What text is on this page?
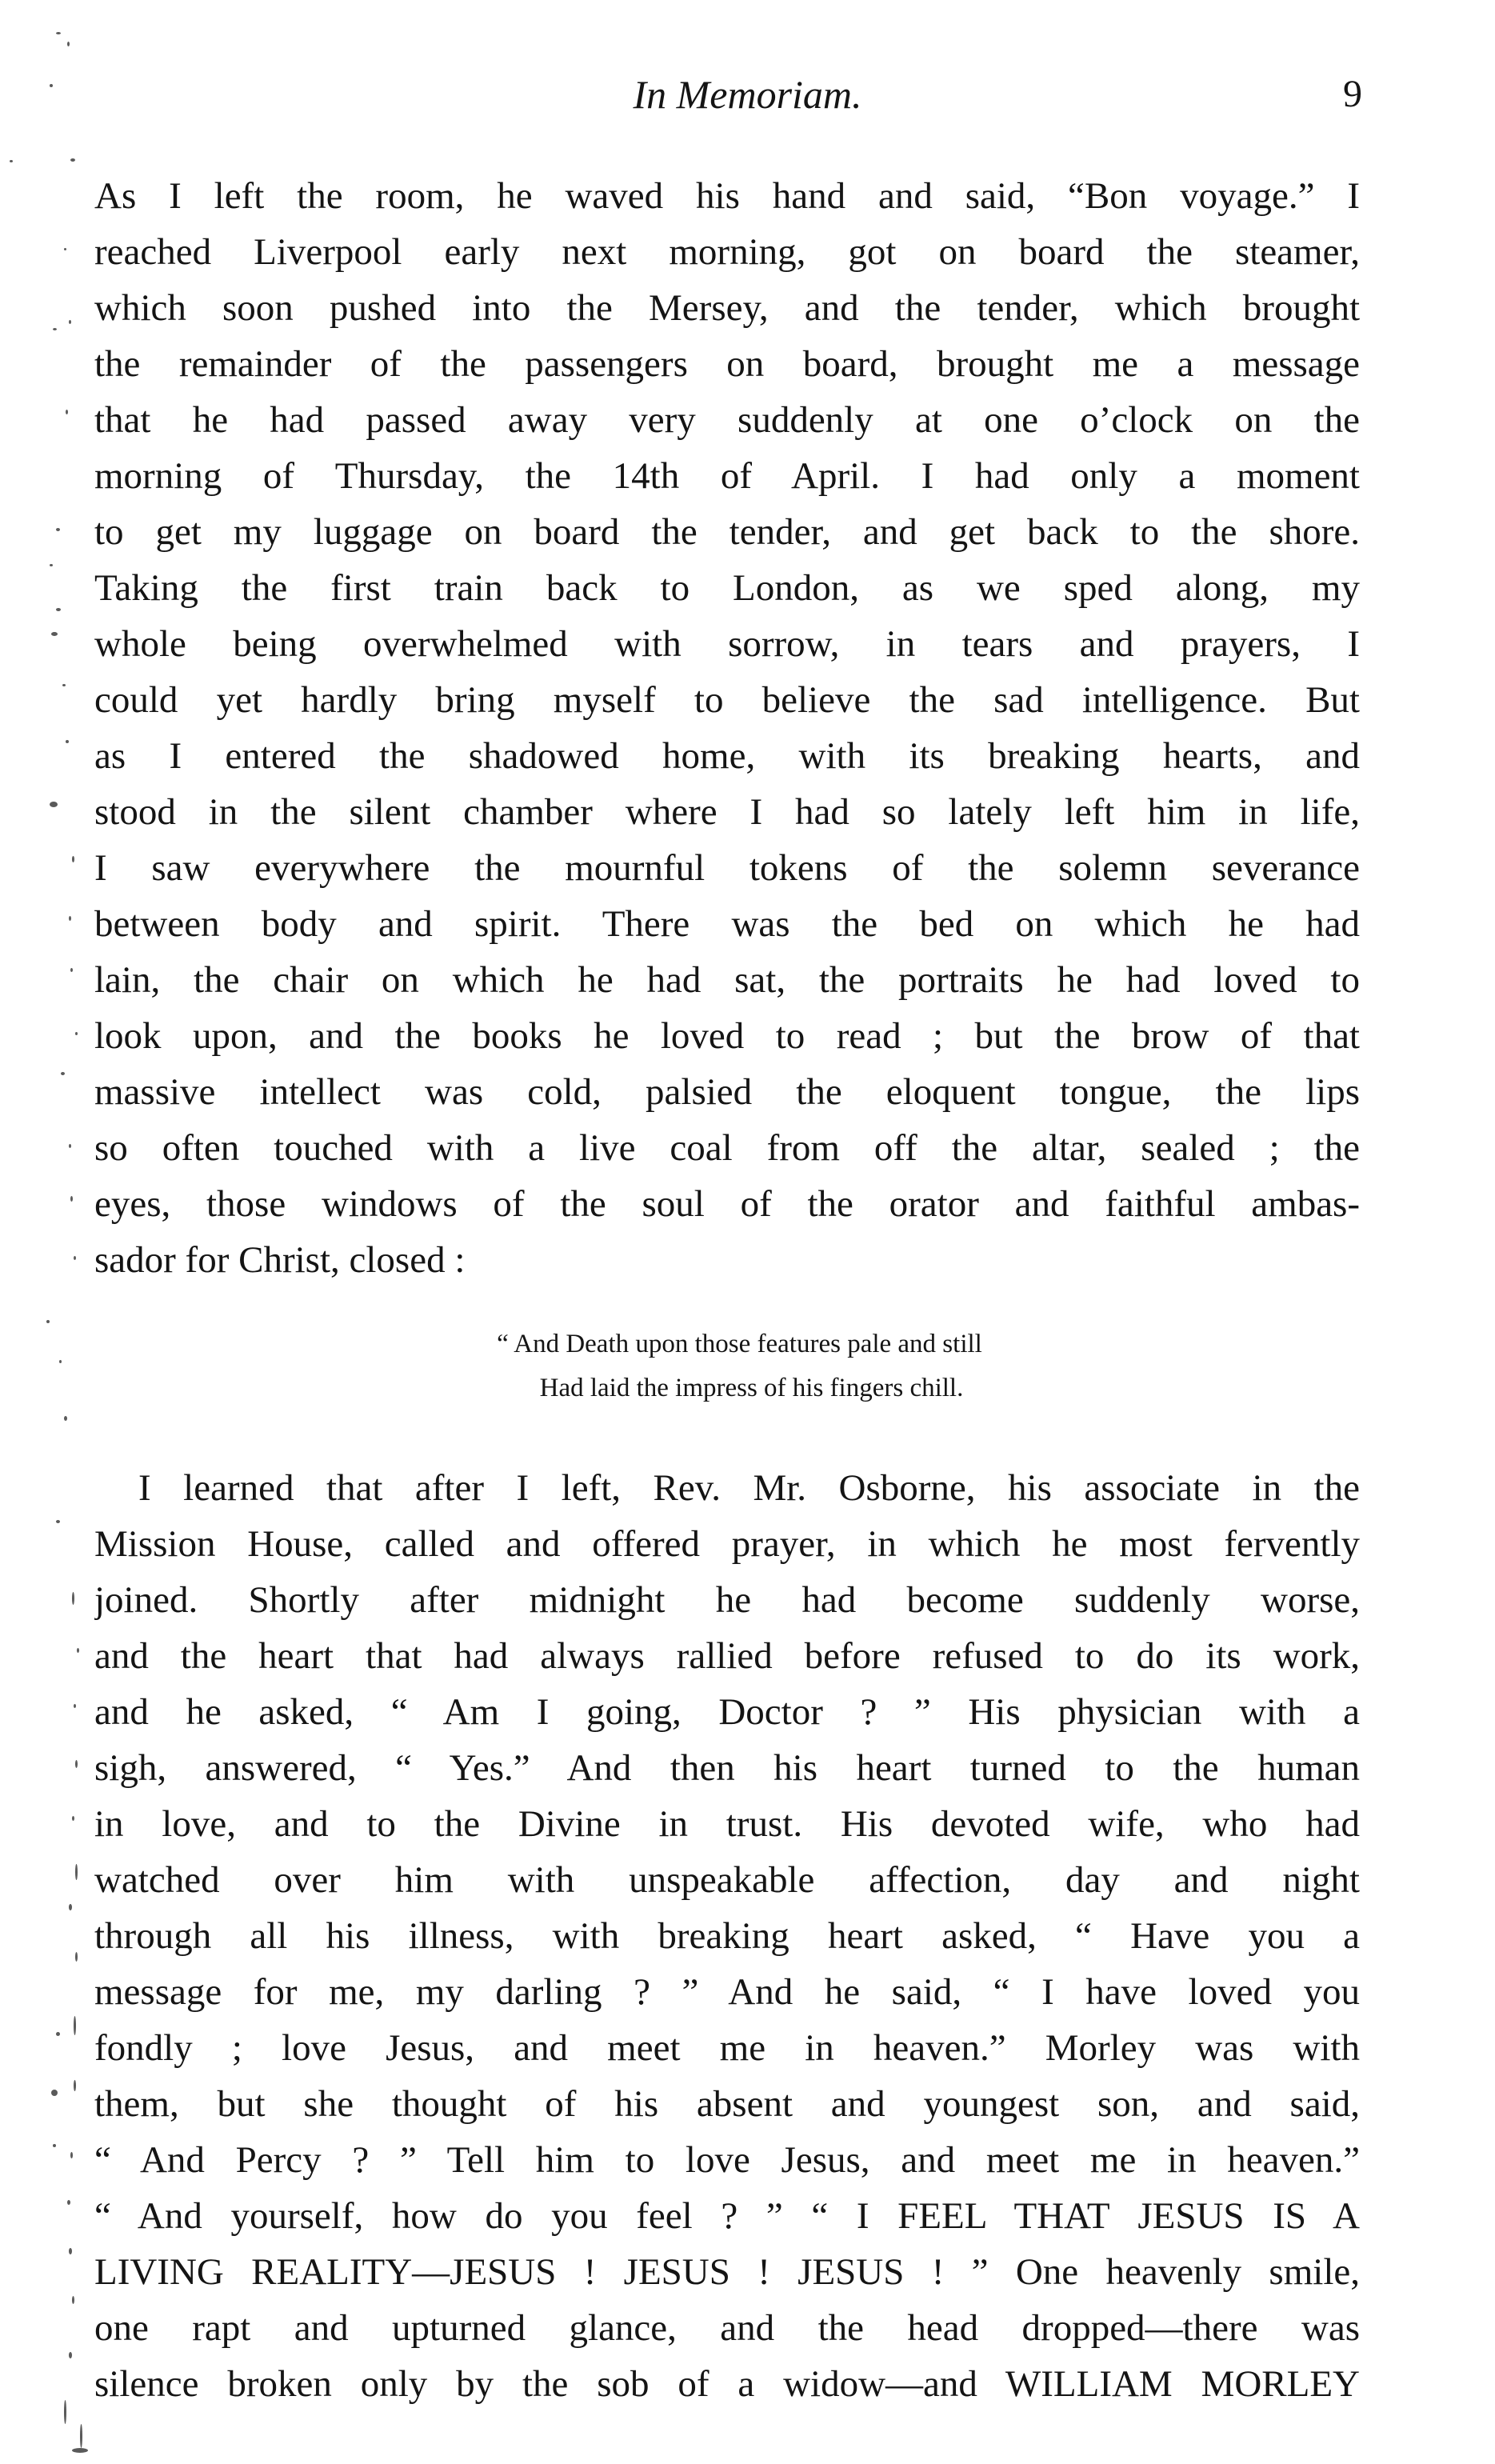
In Memoriam.	9
As I left the room, he waved his hand and said, “Bon voyage.” I
reached Liverpool early next morning, got on board the steamer,
which soon pushed into the Mersey, and the tender, which brought
the remainder of the passengers on board, brought me a message
that he had passed away very suddenly at one o’clock on the
morning of Thursday, the 14th of April. I had only a moment
to get my luggage on board the tender, and get back to the shore.
Taking the first train back to London, as we sped along, my
whole being overwhelmed with sorrow, in tears and prayers, I
could yet hardly bring myself to believe the sad intelligence. But
as I entered the shadowed home, with its breaking hearts, and
stood in the silent chamber where I had so lately left him in life,
I saw everywhere the mournful tokens of the solemn severance
between body and spirit. There was the bed on which he had
lain, the chair on which he had sat, the portraits he had loved to
look upon, and the books he loved to read ; but the brow of that
massive intellect was cold, palsied the eloquent tongue, the lips
so often touched with a live coal from off the altar, sealed ; the
eyes, those windows of the soul of the orator and faithful ambas-
sador for Christ, closed :
“ And Death upon those features pale and still
Had laid the impress of his fingers chill.
I learned that after I left, Rev. Mr. Osborne, his associate in the
Mission House, called and offered prayer, in which he most fervently
joined. Shortly after midnight he had become suddenly worse,
and the heart that had always rallied before refused to do its work,
and he asked, “ Am I going, Doctor ? ” His physician with a
sigh, answered, “ Yes.” And then his heart turned to the human
in love, and to the Divine in trust. His devoted wife, who had
watched over him with unspeakable affection, day and night
through all his illness, with breaking heart asked, “ Have you a
message for me, my darling ? ” And he said, “ I have loved you
fondly ; love Jesus, and meet me in heaven.” Morley was with
them, but she thought of his absent and youngest son, and said,
“ And Percy ? ” Tell him to love Jesus, and meet me in heaven.”
“ And yourself, how do you feel ? ” “ I FEEL THAT JESUS IS A
LIVING REALITY—JESUS ! JESUS ! JESUS ! ” One heavenly smile,
one rapt and upturned glance, and the head dropped—there was
silence broken only by the sob of a widow—and WILLIAM MORLEY
